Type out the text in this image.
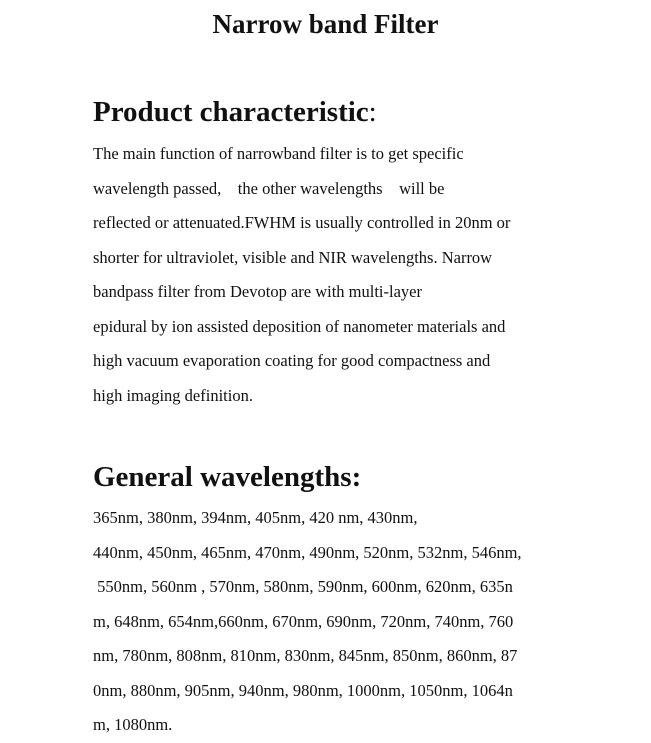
Narrow band Filter
Product characteristic:
The main function of narrowband filter is to get specific
wavelength passed,    the other wavelengths    will be
reflected or attenuated.FWHM is usually controlled in 20nm or
shorter for ultraviolet, visible and NIR wavelengths. Narrow
bandpass filter from Devotop are with multi-layer
epidural by ion assisted deposition of nanometer materials and
high vacuum evaporation coating for good compactness and
high imaging definition.
General wavelengths:
365nm, 380nm, 394nm, 405nm, 420 nm, 430nm,
440nm, 450nm, 465nm, 470nm, 490nm, 520nm, 532nm, 546nm,
550nm, 560nm , 570nm, 580nm, 590nm, 600nm, 620nm, 635n
m, 648nm, 654nm,660nm, 670nm, 690nm, 720nm, 740nm, 760
nm, 780nm, 808nm, 810nm, 830nm, 845nm, 850nm, 860nm, 87
0nm, 880nm, 905nm, 940nm, 980nm, 1000nm, 1050nm, 1064n
m, 1080nm.
